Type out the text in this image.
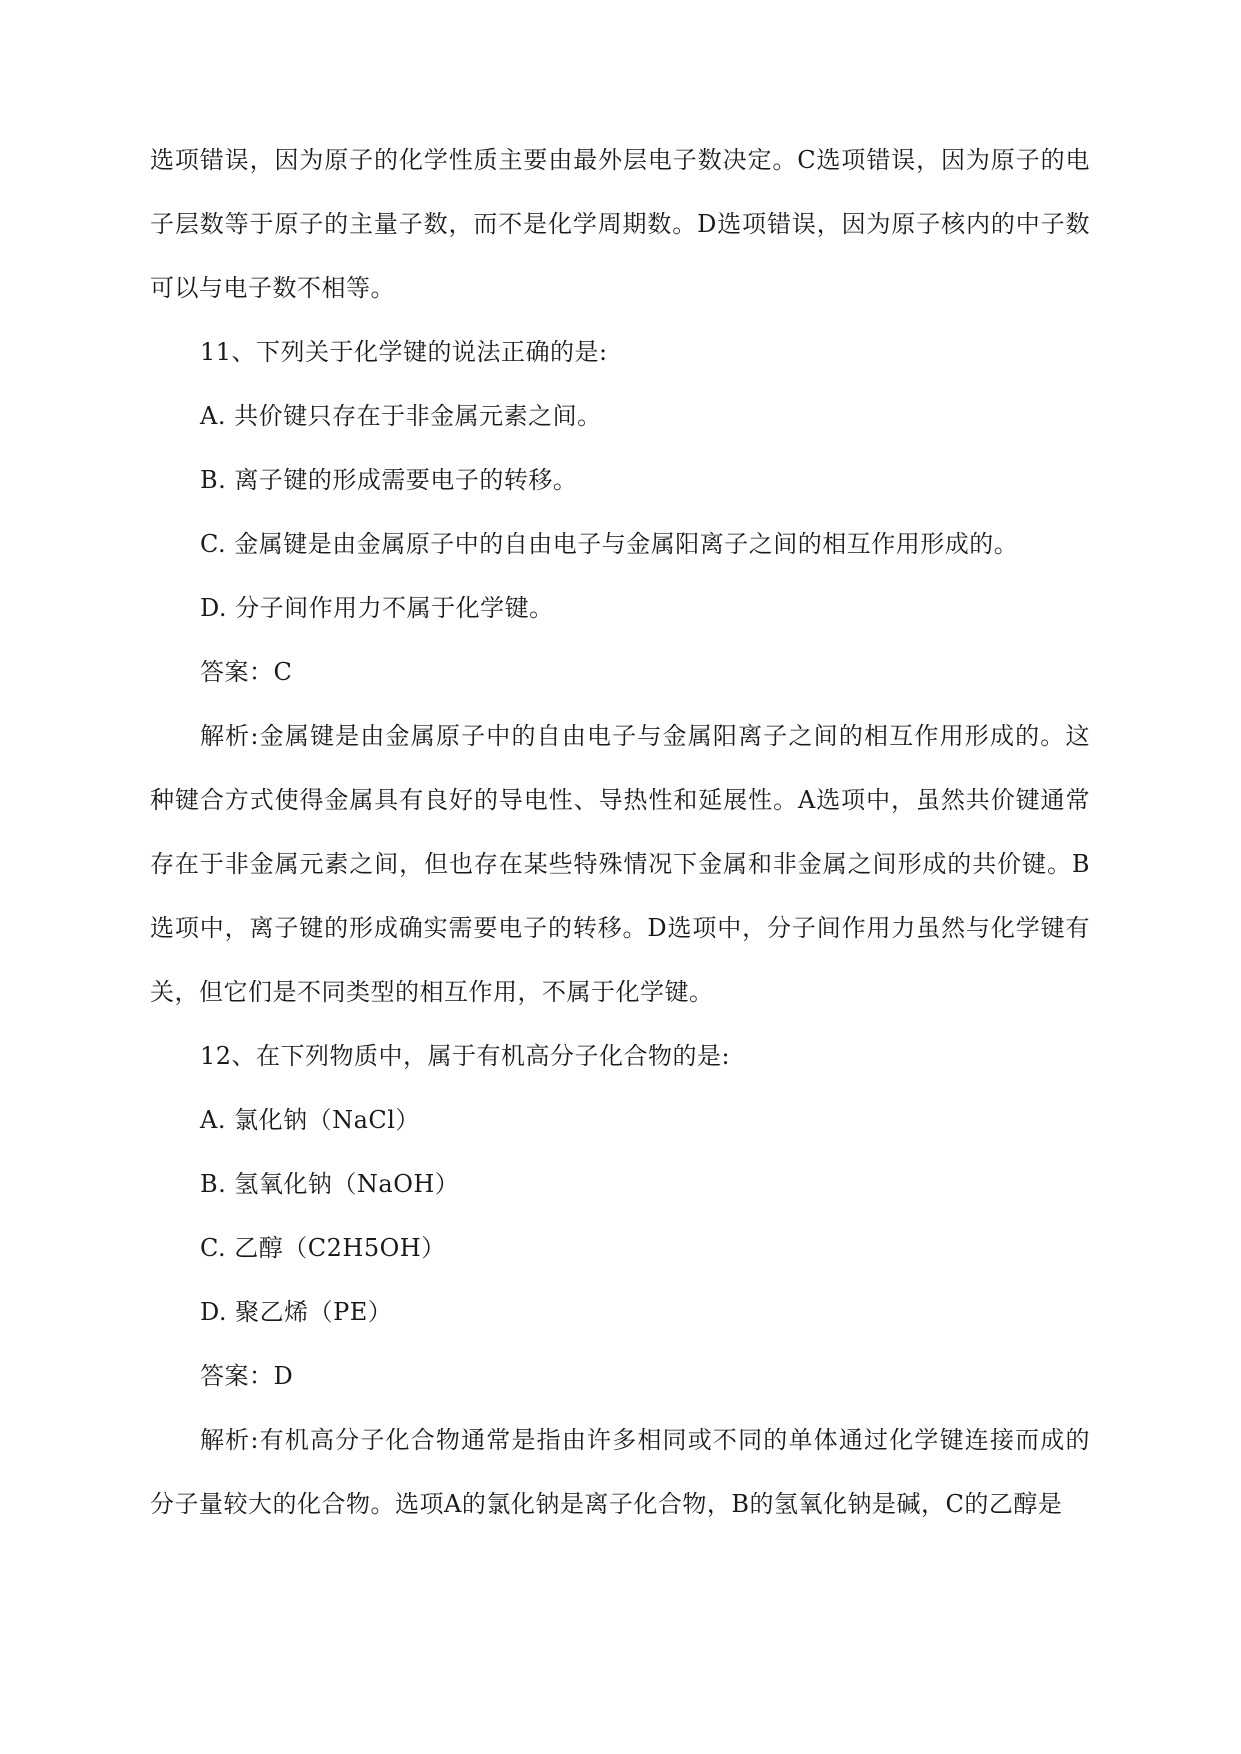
选项错误，因为原子的化学性质主要由最外层电子数决定。C选项错误，因为原子的电子层数等于原子的主量子数，而不是化学周期数。D选项错误，因为原子核内的中子数可以与电子数不相等。
11、下列关于化学键的说法正确的是:
A. 共价键只存在于非金属元素之间。
B. 离子键的形成需要电子的转移。
C. 金属键是由金属原子中的自由电子与金属阳离子之间的相互作用形成的。
D. 分子间作用力不属于化学键。
答案：C
解析:金属键是由金属原子中的自由电子与金属阳离子之间的相互作用形成的。这种键合方式使得金属具有良好的导电性、导热性和延展性。A选项中，虽然共价键通常存在于非金属元素之间，但也存在某些特殊情况下金属和非金属之间形成的共价键。B选项中，离子键的形成确实需要电子的转移。D选项中，分子间作用力虽然与化学键有关，但它们是不同类型的相互作用，不属于化学键。
12、在下列物质中，属于有机高分子化合物的是:
A. 氯化钠（NaCl）
B. 氢氧化钠（NaOH）
C. 乙醇（C2H5OH）
D. 聚乙烯（PE）
答案：D
解析:有机高分子化合物通常是指由许多相同或不同的单体通过化学键连接而成的分子量较大的化合物。选项A的氯化钠是离子化合物，B的氢氧化钠是碱，C的乙醇是
